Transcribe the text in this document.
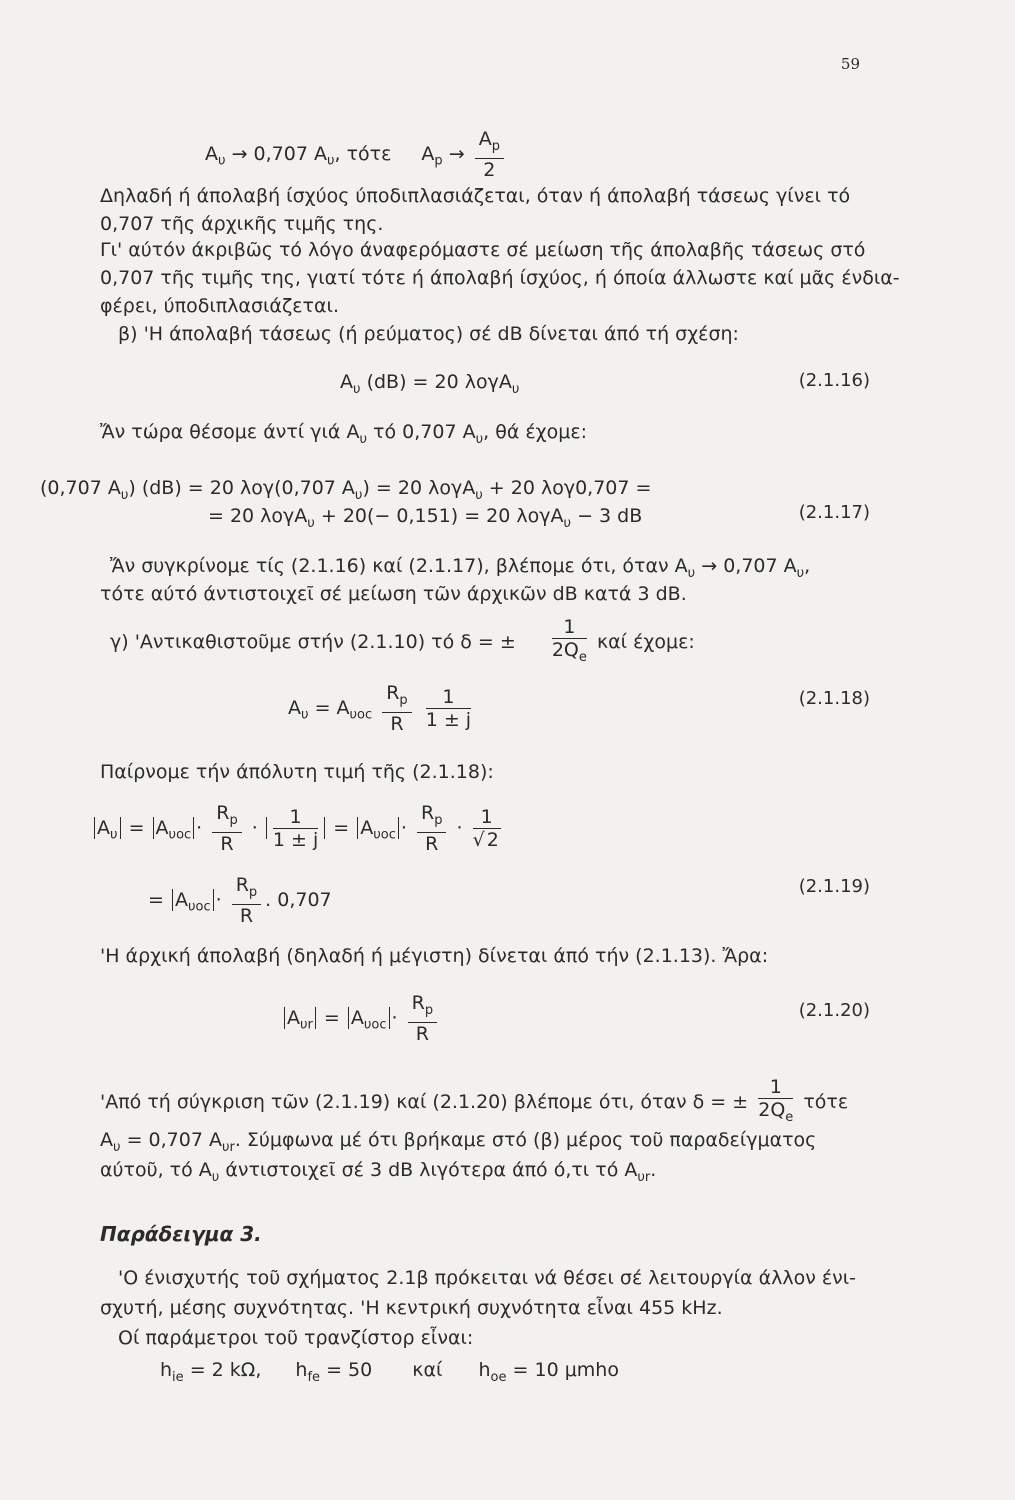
59
$A_\upsilon \to 0,707$ $A_\upsilon$, τότε $A_p \to \frac{A_p}{2}$
Δηλαδή ή άπολαβή ίσχύος ύποδιπλασιάζεται, όταν ή άπολαβή τάσεως γίνει τό
0,707 τῆς άρχικῆς τιμῆς της.
Γι' αύτόν άκριβῶς τό λόγο άναφερόμαστε σέ μείωση τῆς άπολαβῆς τάσεως στό
0,707 τῆς τιμῆς της, γιατί τότε ή άπολαβή ίσχύος, ή όποία άλλωστε καί μᾶς ένδια-
φέρει, ύποδιπλασιάζεται.
β) 'Η άπολαβή τάσεως (ή ρεύματος) σέ dB δίνεται άπό τή σχέση:
$A_\upsilon$ (dB) = 20 λογA$_\upsilon$	(2.1.16)
Ἄν τώρα θέσομε άντί γιά $A_\upsilon$ τό 0,707 $A_\upsilon$, θά έχομε:
(0,707 $A_\upsilon$) (dB) = 20 λογ(0,707 $A_\upsilon) = 20$ λογA$_\upsilon$ + 20 λογ0,707 =
= 20 λογA$_\upsilon$ + 20(− 0,151) = 20 λογA$_\upsilon$ − 3 dB	(2.1.17)
Ἄν συγκρίνομε τίς (2.1.16) καί (2.1.17), βλέπομε ότι, όταν $A_\upsilon \to 0,707$ $A_\upsilon$,
τότε αύτό άντιστοιχεῖ σέ μείωση τῶν άρχικῶν dB κατά 3 dB.
γ) 'Αντικαθιστοῦμε στήν (2.1.10) τό δ = ± $\frac{1}{2Q_e}$ καί έχομε:
$A_\upsilon = A_{\upsilon oc} \frac{R_p}{R}$
$\frac{1}{1 \pm j}$	(2.1.18)
Παίρνομε τήν άπόλυτη τιμή τῆς (2.1.18):
$A_\upsilon = A_{\upsilon oc} \cdot \frac{R_p}{R} \cdot \frac{1}{1 \pm j} = A_{\upsilon oc} \cdot \frac{R_p}{R} \cdot \frac{1}{√ 2}$
= $A_{\upsilon oc} \cdot \frac{R_p}{R}$ . 0,707
(2.1.19)
'Η άρχική άπολαβή (δηλαδή ή μέγιστη) δίνεται άπό τήν (2.1.13). Ἄρα:
$A_{\upsilon r} = A_{\upsilon oc} \cdot \frac{R_p}{R}$	(2.1.20)
'Από τή σύγκριση τῶν (2.1.19) καί (2.1.20) βλέπομε ότι, όταν δ = ± $\frac{1}{2Q_e}$ τότε
$A_\upsilon = 0,707$ $A_{\upsilon r}$. Σύμφωνα μέ ότι βρήκαμε στό (β) μέρος τοῦ παραδείγματος
αύτοῦ, τό $A_\upsilon$ άντιστοιχεῖ σέ 3 dB λιγότερα άπό ό,τι τό $A_{\upsilon r}$.
Παράδειγμα 3.
'Ο ένισχυτής τοῦ σχήματος 2.1β πρόκειται νά θέσει σέ λειτουργία άλλον ένι-
σχυτή, μέσης συχνότητας. 'Η κεντρική συχνότητα εἶναι 455 kHz.
Οί παράμετροι τοῦ τρανζίστορ εἶναι:
$h_{ie} = 2$ kΩ, $h_{fe} = 50$ καί $h_{oe} = 10$ μmho
